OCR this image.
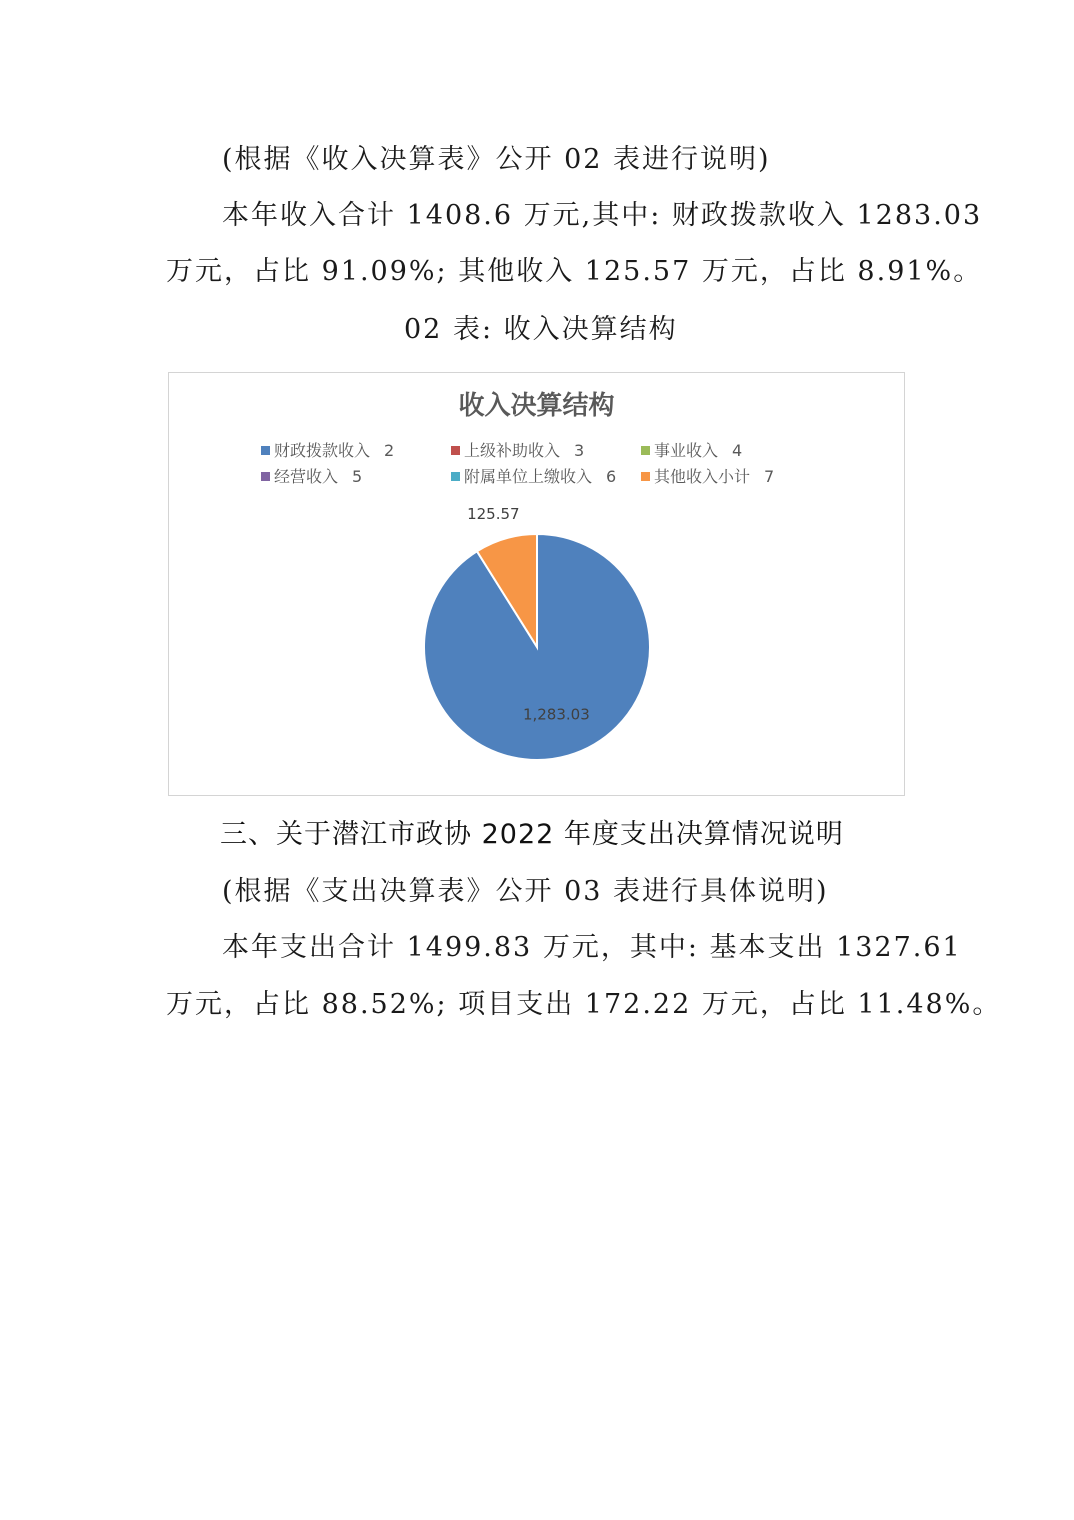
(根据《收入决算表》公开 02 表进行说明)
本年收入合计 1408.6 万元,其中: 财政拨款收入 1283.03
万元，占比 91.09%; 其他收入 125.57 万元，占比 8.91%。
02 表: 收入决算结构
收入决算结构
财政拨款收入 2	上级补助收入 3	事业收入 4
经营收入 5	附属单位上缴收入 6	其他收入小计 7
1,283.03
125.57
三、关于潜江市政协 2022 年度支出决算情况说明
(根据《支出决算表》公开 03 表进行具体说明)
本年支出合计 1499.83 万元，其中: 基本支出 1327.61
万元，占比 88.52%; 项目支出 172.22 万元，占比 11.48%。
